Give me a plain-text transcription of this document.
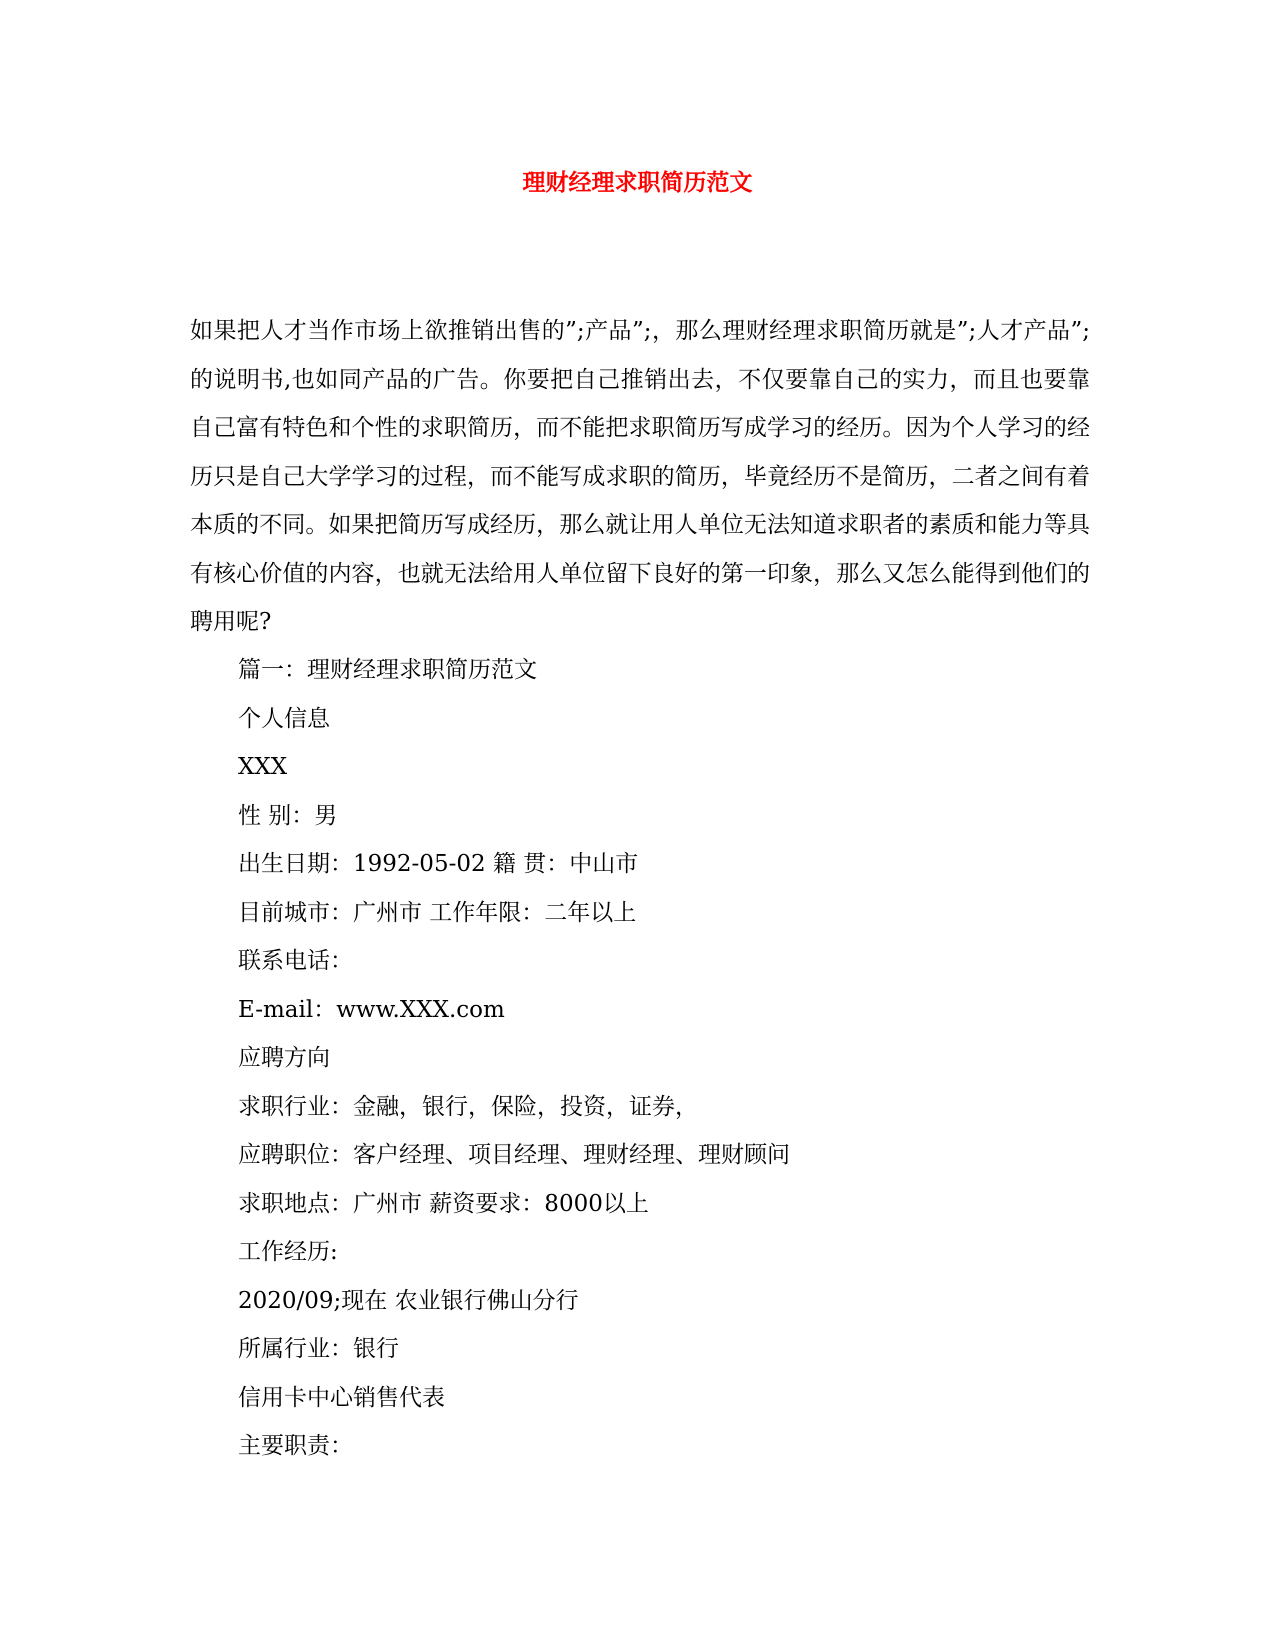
理财经理求职简历范文
如果把人才当作市场上欲推销出售的”;产品”;，那么理财经理求职简历就是”;人才产品”;的说明书,也如同产品的广告。你要把自己推销出去，不仅要靠自己的实力，而且也要靠自己富有特色和个性的求职简历，而不能把求职简历写成学习的经历。因为个人学习的经历只是自己大学学习的过程，而不能写成求职的简历，毕竟经历不是简历，二者之间有着本质的不同。如果把简历写成经历，那么就让用人单位无法知道求职者的素质和能力等具有核心价值的内容，也就无法给用人单位留下良好的第一印象，那么又怎么能得到他们的聘用呢?
篇一：理财经理求职简历范文
个人信息
XXX
性 别：男
出生日期：1992-05-02 籍 贯：中山市
目前城市：广州市 工作年限：二年以上
联系电话：
E-mail：www.XXX.com
应聘方向
求职行业：金融，银行，保险，投资，证券，
应聘职位：客户经理、项目经理、理财经理、理财顾问
求职地点：广州市 薪资要求：8000以上
工作经历:
2020/09;现在 农业银行佛山分行
所属行业：银行
信用卡中心销售代表
主要职责：
